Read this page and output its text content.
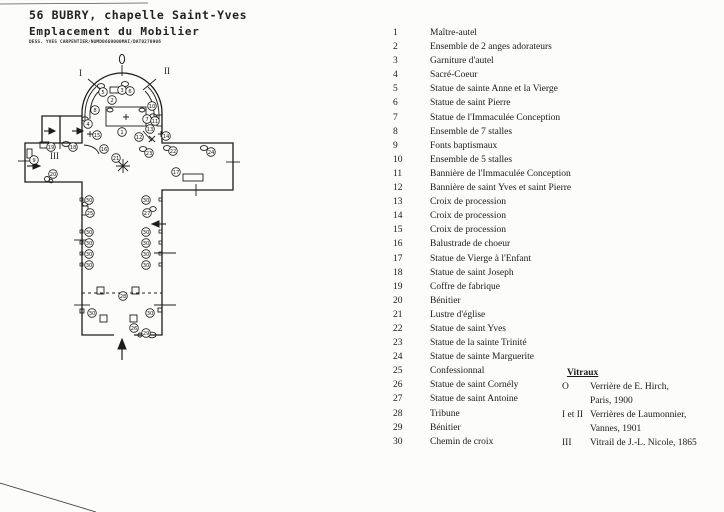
56 BUBRY, chapelle Saint-Yves
Emplacement du Mobilier
DESS. YVES CARPENTIER/NUMD0669000MAI/DAT0270906
1
2
3
4
5	6
7
8
9
10
11
12
13
14
15
16
17
18
19
20
21
22
23	24
25
26
27
28
29
30
30
30
30
30
30
30
30
30
30
30	30
I	II
III
1	Maître-autel
2	Ensemble de 2 anges adorateurs
3	Garniture d'autel
4	Sacré-Coeur
5	Statue de sainte Anne et la Vierge
6	Statue de saint Pierre
7	Statue de l'Immaculée Conception
8	Ensemble de 7 stalles
9	Fonts baptismaux
10	Ensemble de 5 stalles
11	Bannière de l'Immaculée Conception
12	Bannière de saint Yves et saint Pierre
13	Croix de procession
14	Croix de procession
15	Croix de procession
16	Balustrade de choeur
17	Statue de Vierge à l'Enfant
18	Statue de saint Joseph
19	Coffre de fabrique
20	Bénitier
21	Lustre d'église
22	Statue de saint Yves
23	Statue de la sainte Trinité
24	Statue de sainte Marguerite
25	Confessionnal
26	Statue de saint Cornély
27	Statue de saint Antoine
28	Tribune
29	Bénitier
30	Chemin de croix
Vitraux
O Verrière de E. Hirch,
Paris, 1900
I et II Verrières de Laumonnier,
Vannes, 1901
III Vitrail de J.-L. Nicole, 1865
